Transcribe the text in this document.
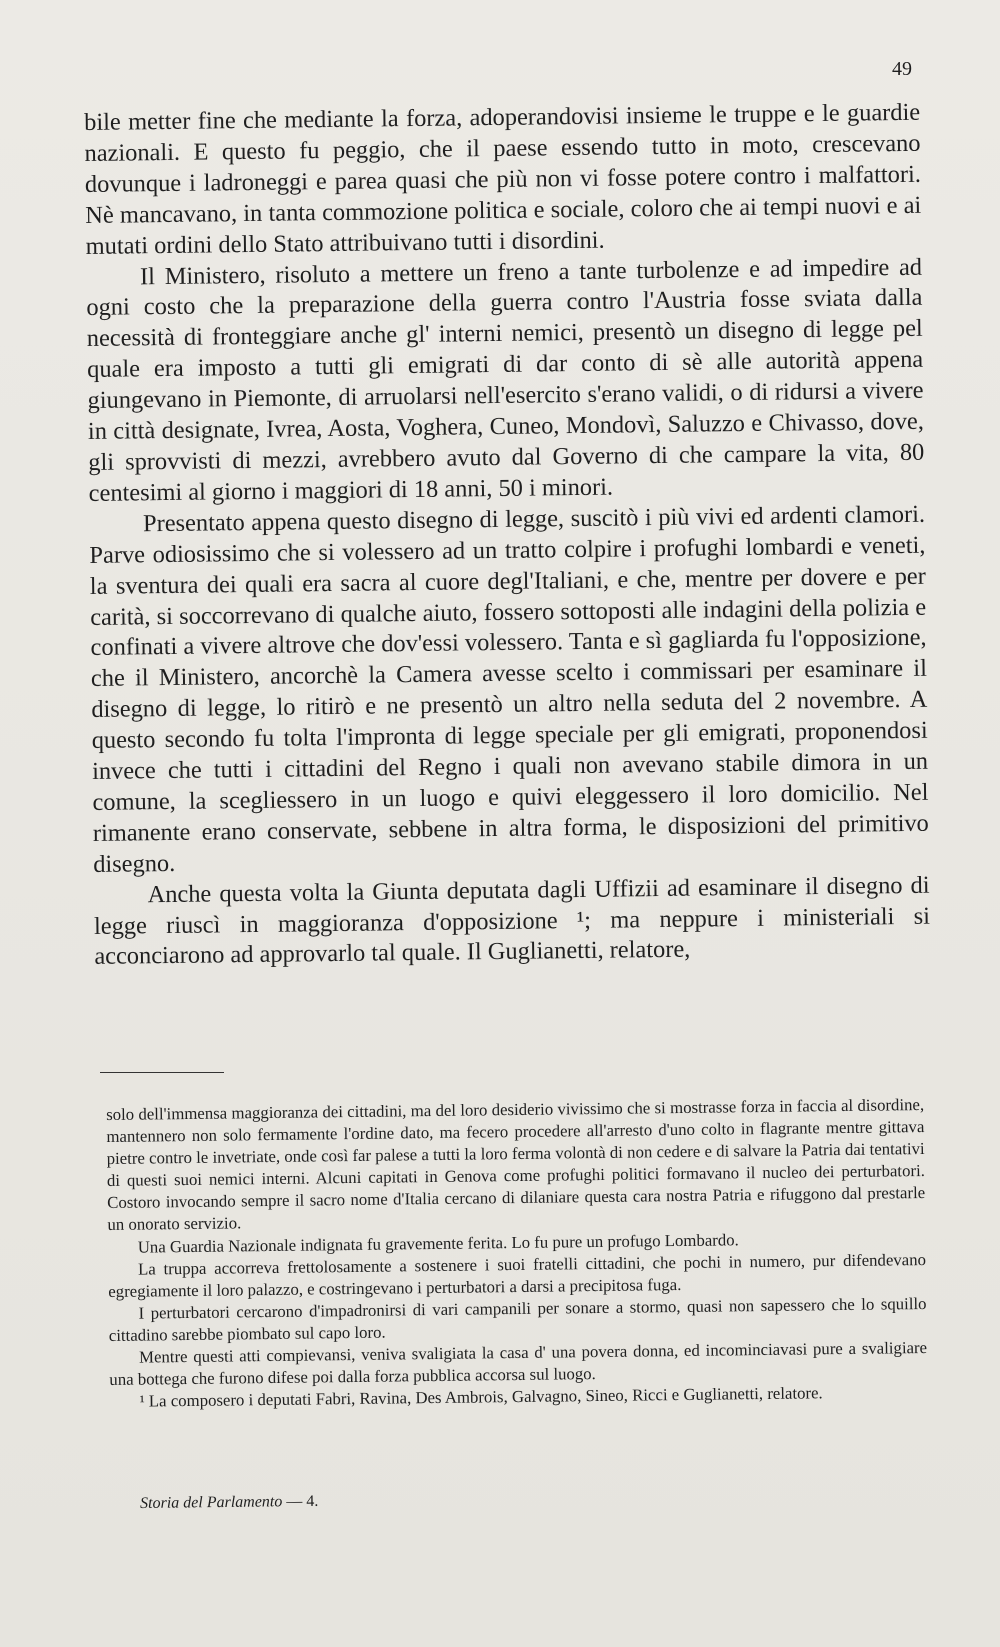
49

bile metter fine che mediante la forza, adoperandovisi insieme le truppe e le guardie nazionali. E questo fu peggio, che il paese essendo tutto in moto, crescevano dovunque i ladroneggi e parea quasi che più non vi fosse potere contro i malfattori. Nè mancavano, in tanta commozione politica e sociale, coloro che ai tempi nuovi e ai mutati ordini dello Stato attribuivano tutti i disordini.

Il Ministero, risoluto a mettere un freno a tante turbolenze e ad impedire ad ogni costo che la preparazione della guerra contro l'Austria fosse sviata dalla necessità di fronteggiare anche gl' interni nemici, presentò un disegno di legge pel quale era imposto a tutti gli emigrati di dar conto di sè alle autorità appena giungevano in Piemonte, di arruolarsi nell'esercito s'erano validi, o di ridursi a vivere in città designate, Ivrea, Aosta, Voghera, Cuneo, Mondovì, Saluzzo e Chivasso, dove, gli sprovvisti di mezzi, avrebbero avuto dal Governo di che campare la vita, 80 centesimi al giorno i maggiori di 18 anni, 50 i minori.

Presentato appena questo disegno di legge, suscitò i più vivi ed ardenti clamori. Parve odiosissimo che si volessero ad un tratto colpire i profughi lombardi e veneti, la sventura dei quali era sacra al cuore degl'Italiani, e che, mentre per dovere e per carità, si soccorrevano di qualche aiuto, fossero sottoposti alle indagini della polizia e confinati a vivere altrove che dov'essi volessero. Tanta e sì gagliarda fu l'opposizione, che il Ministero, ancorchè la Camera avesse scelto i commissari per esaminare il disegno di legge, lo ritirò e ne presentò un altro nella seduta del 2 novembre. A questo secondo fu tolta l'impronta di legge speciale per gli emigrati, proponendosi invece che tutti i cittadini del Regno i quali non avevano stabile dimora in un comune, la scegliessero in un luogo e quivi eleggessero il loro domicilio. Nel rimanente erano conservate, sebbene in altra forma, le disposizioni del primitivo disegno.

Anche questa volta la Giunta deputata dagli Uffizii ad esaminare il disegno di legge riuscì in maggioranza d'opposizione ¹; ma neppure i ministeriali si acconciarono ad approvarlo tal quale. Il Guglianetti, relatore,

solo dell'immensa maggioranza dei cittadini, ma del loro desiderio vivissimo che si mostrasse forza in faccia al disordine, mantennero non solo fermamente l'ordine dato, ma fecero procedere all'arresto d'uno colto in flagrante mentre gittava pietre contro le invetriate, onde così far palese a tutti la loro ferma volontà di non cedere e di salvare la Patria dai tentativi di questi suoi nemici interni. Alcuni capitati in Genova come profughi politici formavano il nucleo dei perturbatori. Costoro invocando sempre il sacro nome d'Italia cercano di dilaniare questa cara nostra Patria e rifuggono dal prestarle un onorato servizio.

Una Guardia Nazionale indignata fu gravemente ferita. Lo fu pure un profugo Lombardo.

La truppa accorreva frettolosamente a sostenere i suoi fratelli cittadini, che pochi in numero, pur difendevano egregiamente il loro palazzo, e costringevano i perturbatori a darsi a precipitosa fuga.

I perturbatori cercarono d'impadronirsi di vari campanili per sonare a stormo, quasi non sapessero che lo squillo cittadino sarebbe piombato sul capo loro.

Mentre questi atti compievansi, veniva svaligiata la casa d' una povera donna, ed incominciavasi pure a svaligiare una bottega che furono difese poi dalla forza pubblica accorsa sul luogo.

¹ La composero i deputati Fabri, Ravina, Des Ambrois, Galvagno, Sineo, Ricci e Guglianetti, relatore.

Storia del Parlamento — 4.
